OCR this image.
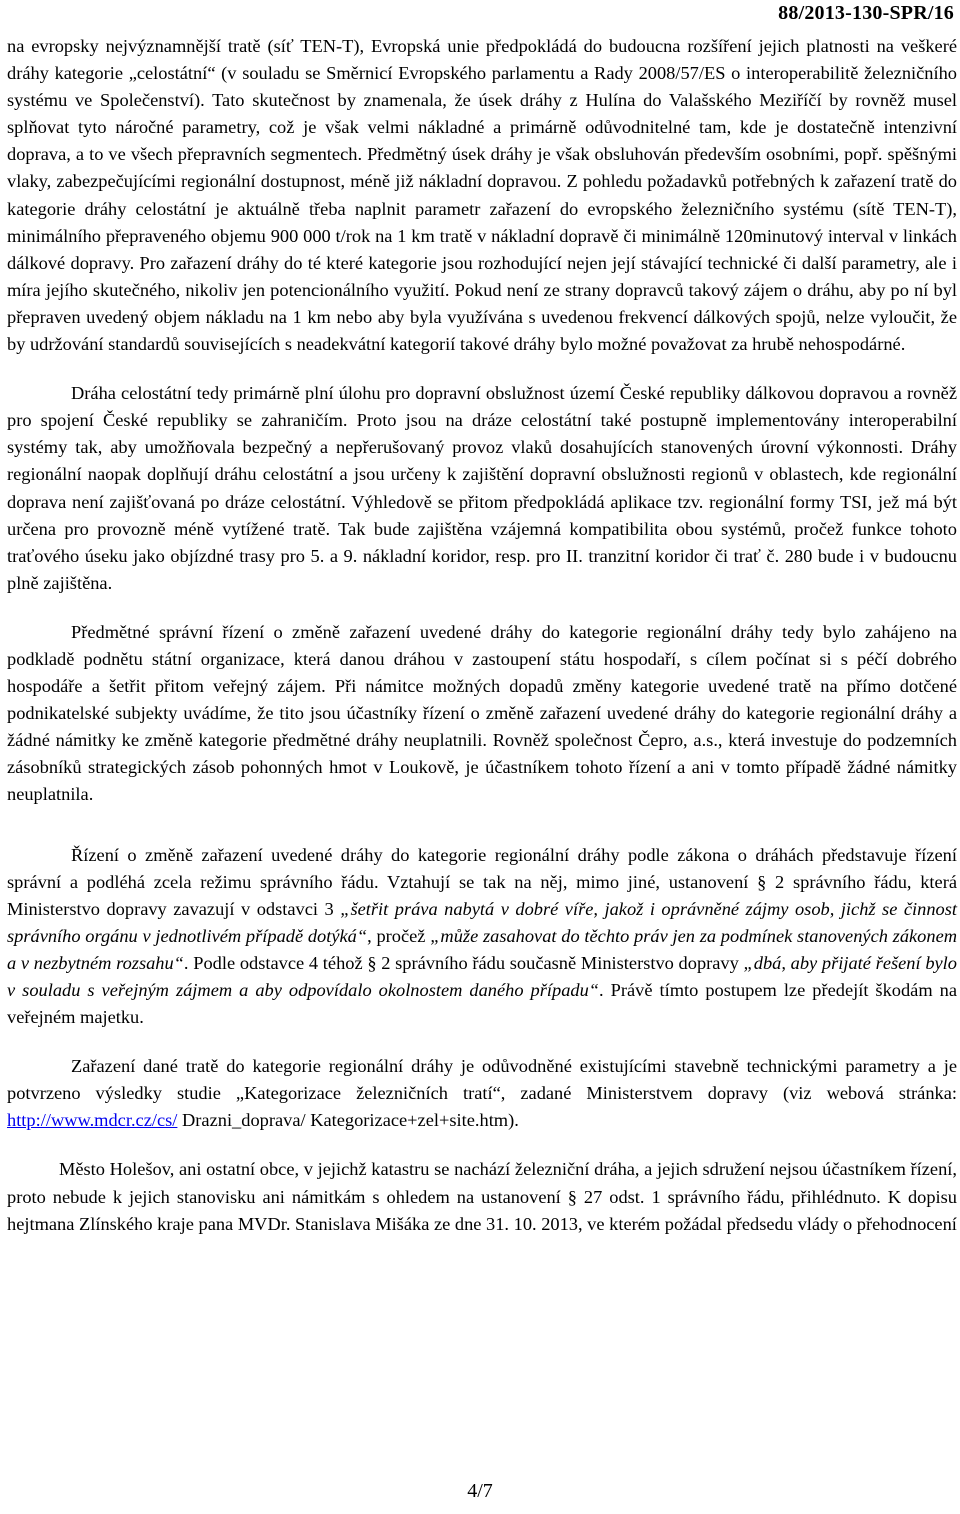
88/2013-130-SPR/16

na evropsky nejvýznamnější tratě (síť TEN-T), Evropská unie předpokládá do budoucna rozšíření jejich platnosti na veškeré dráhy kategorie „celostátní“ (v souladu se Směrnicí Evropského parlamentu a Rady 2008/57/ES o interoperabilitě železničního systému ve Společenství). Tato skutečnost by znamenala, že úsek dráhy z Hulína do Valašského Meziříčí by rovněž musel splňovat tyto náročné parametry, což je však velmi nákladné a primárně odůvodnitelné tam, kde je dostatečně intenzivní doprava, a to ve všech přepravních segmentech. Předmětný úsek dráhy je však obsluhován především osobními, popř. spěšnými vlaky, zabezpečujícími regionální dostupnost, méně již nákladní dopravou. Z pohledu požadavků potřebných k zařazení tratě do kategorie dráhy celostátní je aktuálně třeba naplnit parametr zařazení do evropského železničního systému (sítě TEN-T), minimálního přepraveného objemu 900 000 t/rok na 1 km tratě v nákladní dopravě či minimálně 120minutový interval v linkách dálkové dopravy. Pro zařazení dráhy do té které kategorie jsou rozhodující nejen její stávající technické či další parametry, ale i míra jejího skutečného, nikoliv jen potencionálního využití. Pokud není ze strany dopravců takový zájem o dráhu, aby po ní byl přepraven uvedený objem nákladu na 1 km nebo aby byla využívána s uvedenou frekvencí dálkových spojů, nelze vyloučit, že by udržování standardů souvisejících s neadekvátní kategorií takové dráhy bylo možné považovat za hrubě nehospodárné.

Dráha celostátní tedy primárně plní úlohu pro dopravní obslužnost území České republiky dálkovou dopravou a rovněž pro spojení České republiky se zahraničím. Proto jsou na dráze celostátní také postupně implementovány interoperabilní systémy tak, aby umožňovala bezpečný a nepřerušovaný provoz vlaků dosahujících stanovených úrovní výkonnosti. Dráhy regionální naopak doplňují dráhu celostátní a jsou určeny k zajištění dopravní obslužnosti regionů v oblastech, kde regionální doprava není zajišťovaná po dráze celostátní. Výhledově se přitom předpokládá aplikace tzv. regionální formy TSI, jež má být určena pro provozně méně vytížené tratě. Tak bude zajištěna vzájemná kompatibilita obou systémů, pročež funkce tohoto traťového úseku jako objízdné trasy pro 5. a 9. nákladní koridor, resp. pro II. tranzitní koridor či trať č. 280 bude i v budoucnu plně zajištěna.

Předmětné správní řízení o změně zařazení uvedené dráhy do kategorie regionální dráhy tedy bylo zahájeno na podkladě podnětu státní organizace, která danou dráhou v zastoupení státu hospodaří, s cílem počínat si s péčí dobrého hospodáře a šetřit přitom veřejný zájem. Při námitce možných dopadů změny kategorie uvedené tratě na přímo dotčené podnikatelské subjekty uvádíme, že tito jsou účastníky řízení o změně zařazení uvedené dráhy do kategorie regionální dráhy a žádné námitky ke změně kategorie předmětné dráhy neuplatnili. Rovněž společnost Čepro, a.s., která investuje do podzemních zásobníků strategických zásob pohonných hmot v Loukově, je účastníkem tohoto řízení a ani v tomto případě žádné námitky neuplatnila.

Řízení o změně zařazení uvedené dráhy do kategorie regionální dráhy podle zákona o dráhách představuje řízení správní a podléhá zcela režimu správního řádu. Vztahují se tak na něj, mimo jiné, ustanovení § 2 správního řádu, která Ministerstvo dopravy zavazují v odstavci 3 „šetřit práva nabytá v dobré víře, jakož i oprávněné zájmy osob, jichž se činnost správního orgánu v jednotlivém případě dotýká“, pročež „může zasahovat do těchto práv jen za podmínek stanovených zákonem a v nezbytném rozsahu“. Podle odstavce 4 téhož § 2 správního řádu současně Ministerstvo dopravy „dbá, aby přijaté řešení bylo v souladu s veřejným zájmem a aby odpovídalo okolnostem daného případu“. Právě tímto postupem lze předejít škodám na veřejném majetku.

Zařazení dané tratě do kategorie regionální dráhy je odůvodněné existujícími stavebně technickými parametry a je potvrzeno výsledky studie „Kategorizace železničních tratí“, zadané Ministerstvem dopravy (viz webová stránka: http://www.mdcr.cz/cs/ Drazni_doprava/ Kategorizace+zel+site.htm).

Město Holešov, ani ostatní obce, v jejichž katastru se nachází železniční dráha, a jejich sdružení nejsou účastníkem řízení, proto nebude k jejich stanovisku ani námitkám s ohledem na ustanovení § 27 odst. 1 správního řádu, přihlédnuto. K dopisu hejtmana Zlínského kraje pana MVDr. Stanislava Mišáka ze dne 31. 10. 2013, ve kterém požádal předsedu vlády o přehodnocení

4/7
